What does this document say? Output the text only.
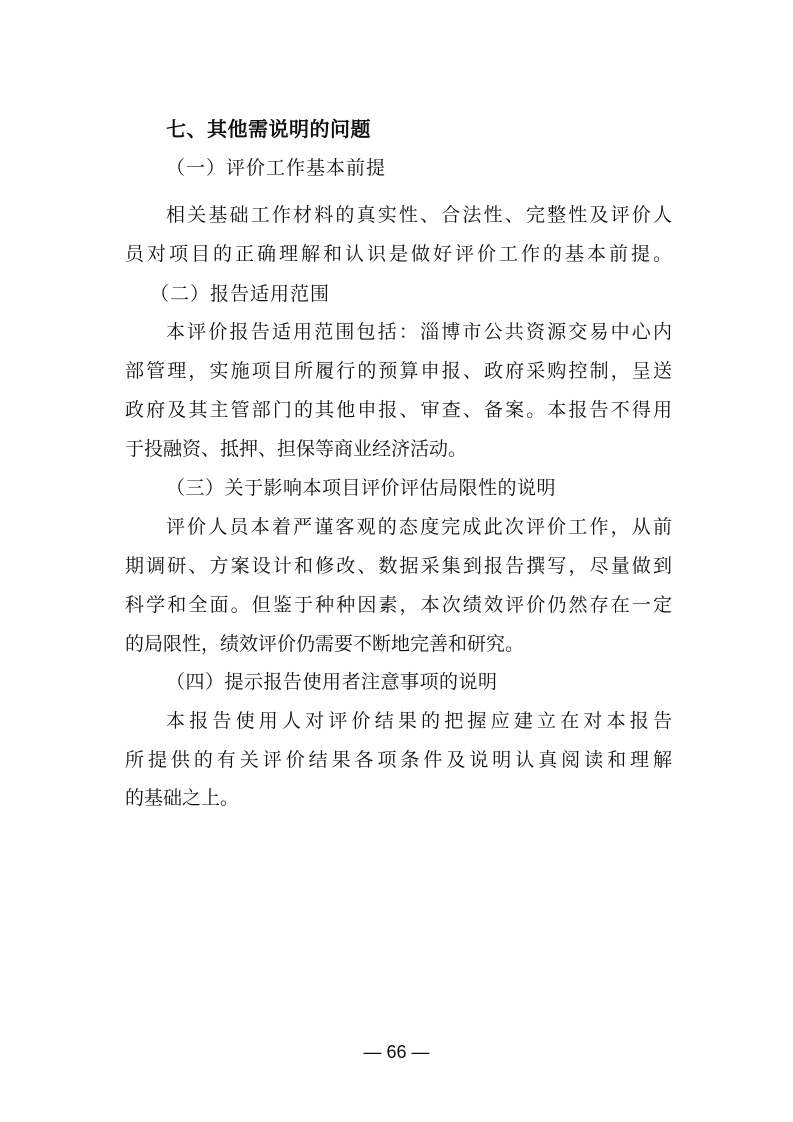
七、其他需说明的问题
（一）评价工作基本前提
相关基础工作材料的真实性、合法性、完整性及评价人
员对项目的正确理解和认识是做好评价工作的基本前提。
（二）报告适用范围
本评价报告适用范围包括：淄博市公共资源交易中心内
部管理，实施项目所履行的预算申报、政府采购控制，呈送
政府及其主管部门的其他申报、审查、备案。本报告不得用
于投融资、抵押、担保等商业经济活动。
（三）关于影响本项目评价评估局限性的说明
评价人员本着严谨客观的态度完成此次评价工作，从前
期调研、方案设计和修改、数据采集到报告撰写，尽量做到
科学和全面。但鉴于种种因素，本次绩效评价仍然存在一定
的局限性，绩效评价仍需要不断地完善和研究。
（四）提示报告使用者注意事项的说明
本报告使用人对评价结果的把握应建立在对本报告
所提供的有关评价结果各项条件及说明认真阅读和理解
的基础之上。
— 66 —
